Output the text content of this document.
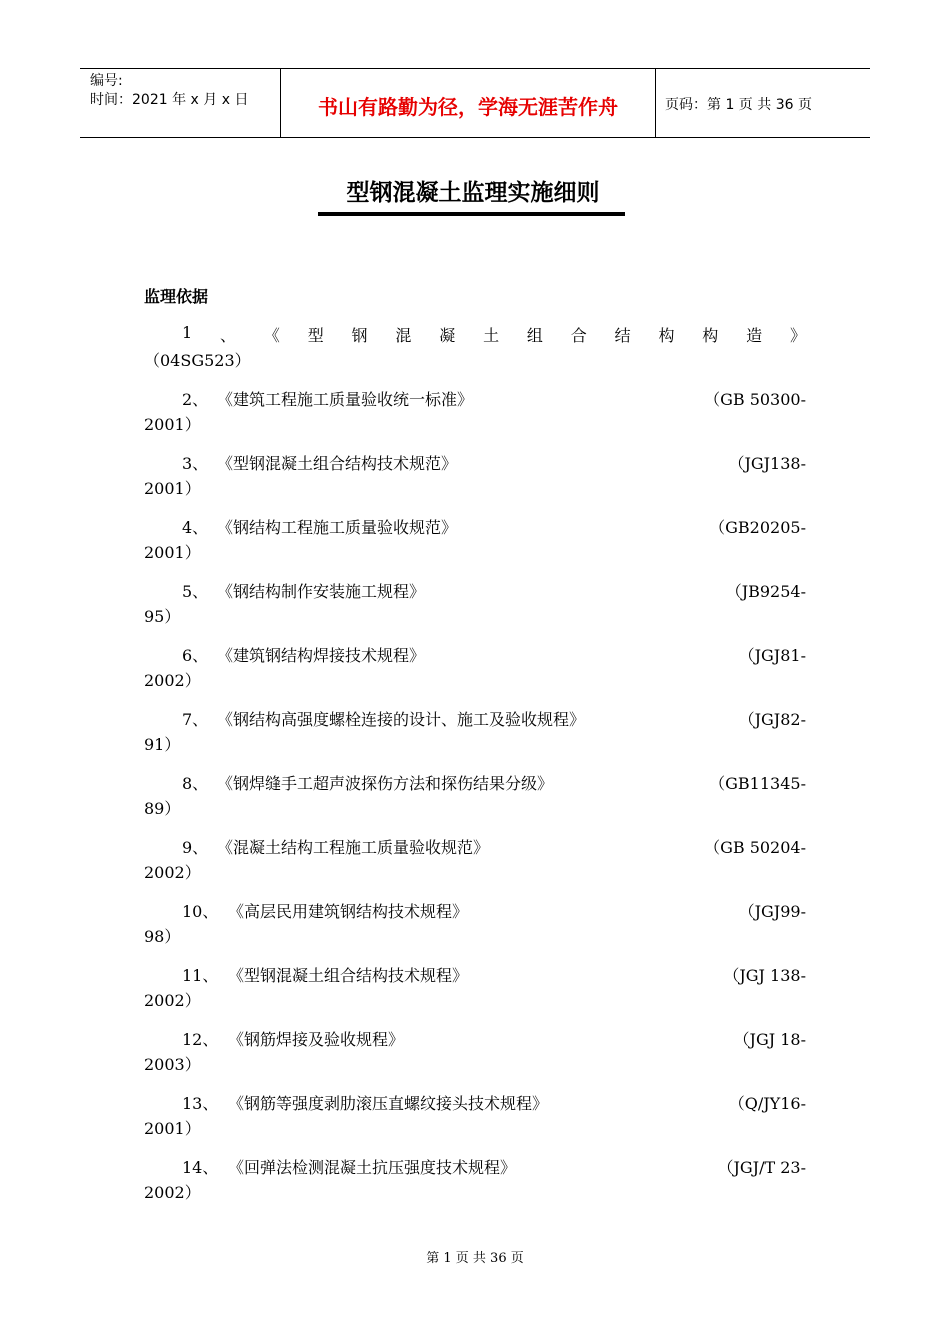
编号:
时间：2021 年 x 月 x 日	书山有路勤为径，学海无涯苦作舟	页码：第 1 页 共 36 页
型钢混凝土监理实施细则
监理依据
1 、 《 型 钢 混 凝 土 组 合 结 构 构 造 》
（04SG523）
2、 《建筑工程施工质量验收统一标准》	（GB 50300-
2001）
3、 《型钢混凝土组合结构技术规范》	（JGJ138-
2001）
4、 《钢结构工程施工质量验收规范》	（GB20205-
2001）
5、 《钢结构制作安装施工规程》	（JB9254-
95）
6、 《建筑钢结构焊接技术规程》	（JGJ81-
2002）
7、 《钢结构高强度螺栓连接的设计、施工及验收规程》	（JGJ82-
91）
8、 《钢焊缝手工超声波探伤方法和探伤结果分级》	（GB11345-
89）
9、 《混凝土结构工程施工质量验收规范》	（GB 50204-
2002）
10、 《高层民用建筑钢结构技术规程》	（JGJ99-
98）
11、 《型钢混凝土组合结构技术规程》	（JGJ 138-
2002）
12、 《钢筋焊接及验收规程》	（JGJ 18-
2003）
13、 《钢筋等强度剥肋滚压直螺纹接头技术规程》	（Q/JY16-
2001）
14、 《回弹法检测混凝土抗压强度技术规程》	（JGJ/T 23-
2002）
第 1 页 共 36 页
